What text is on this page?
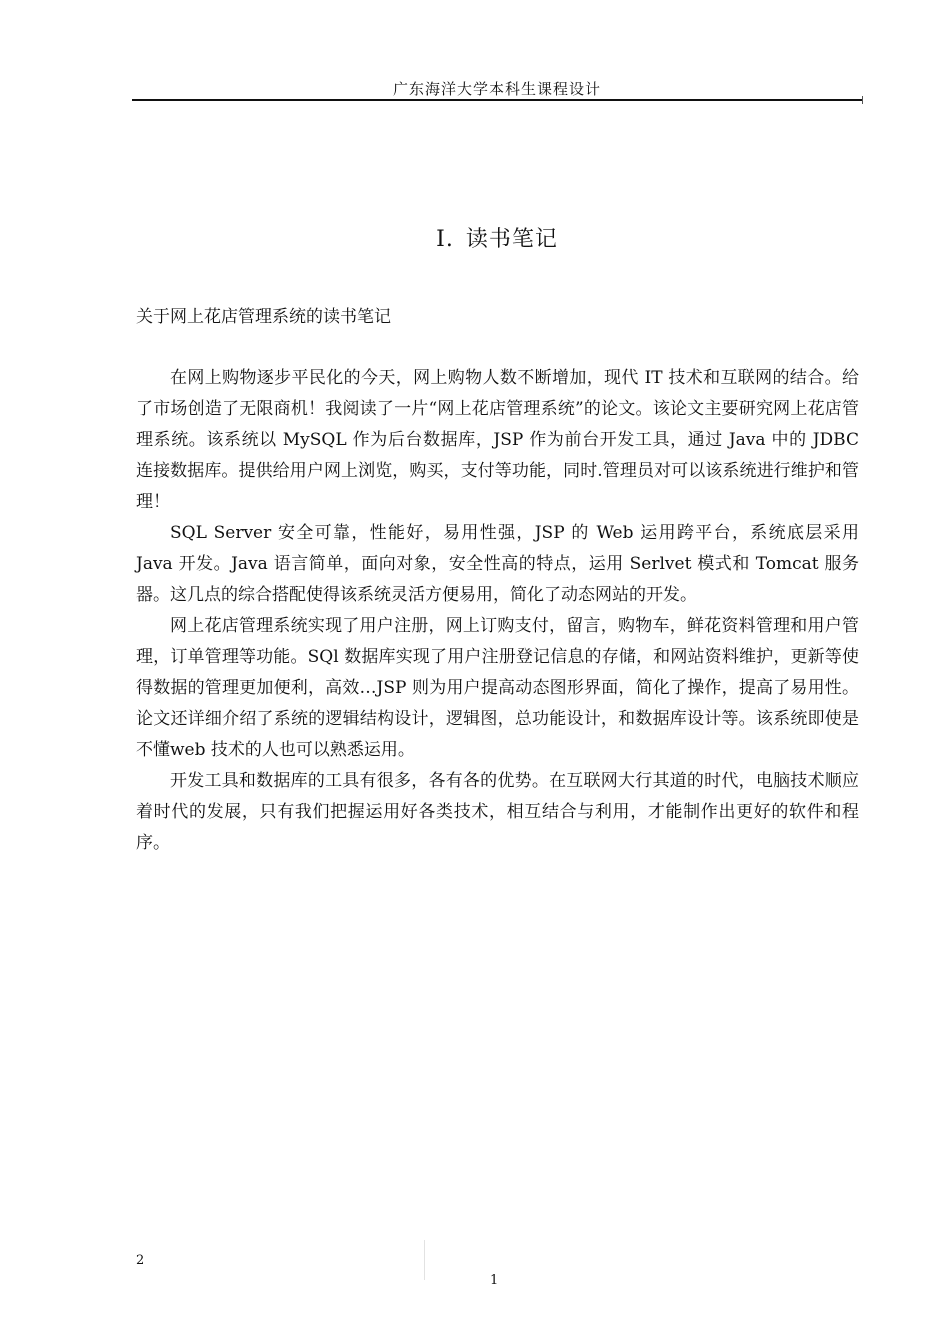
广东海洋大学本科生课程设计
I. 读书笔记
关于网上花店管理系统的读书笔记

在网上购物逐步平民化的今天，网上购物人数不断增加，现代 IT 技术和互联网的结合。给了市场创造了无限商机！我阅读了一片“网上花店管理系统”的论文。该论文主要研究网上花店管理系统。该系统以 MySQL 作为后台数据库，JSP 作为前台开发工具，通过 Java 中的 JDBC 连接数据库。提供给用户网上浏览，购买，支付等功能，同时.管理员对可以该系统进行维护和管理！

SQL Server 安全可靠，性能好，易用性强，JSP 的 Web 运用跨平台，系统底层采用 Java 开发。Java 语言简单，面向对象，安全性高的特点，运用 Serlvet 模式和 Tomcat 服务器。这几点的综合搭配使得该系统灵活方便易用，简化了动态网站的开发。

网上花店管理系统实现了用户注册，网上订购支付，留言，购物车，鲜花资料管理和用户管理，订单管理等功能。SQl 数据库实现了用户注册登记信息的存储，和网站资料维护，更新等使得数据的管理更加便利，高效…JSP 则为用户提高动态图形界面，简化了操作，提高了易用性。 论文还详细介绍了系统的逻辑结构设计，逻辑图，总功能设计，和数据库设计等。该系统即使是不懂web 技术的人也可以熟悉运用。

开发工具和数据库的工具有很多，各有各的优势。在互联网大行其道的时代，电脑技术顺应着时代的发展，只有我们把握运用好各类技术，相互结合与利用，才能制作出更好的软件和程序。

2
1
